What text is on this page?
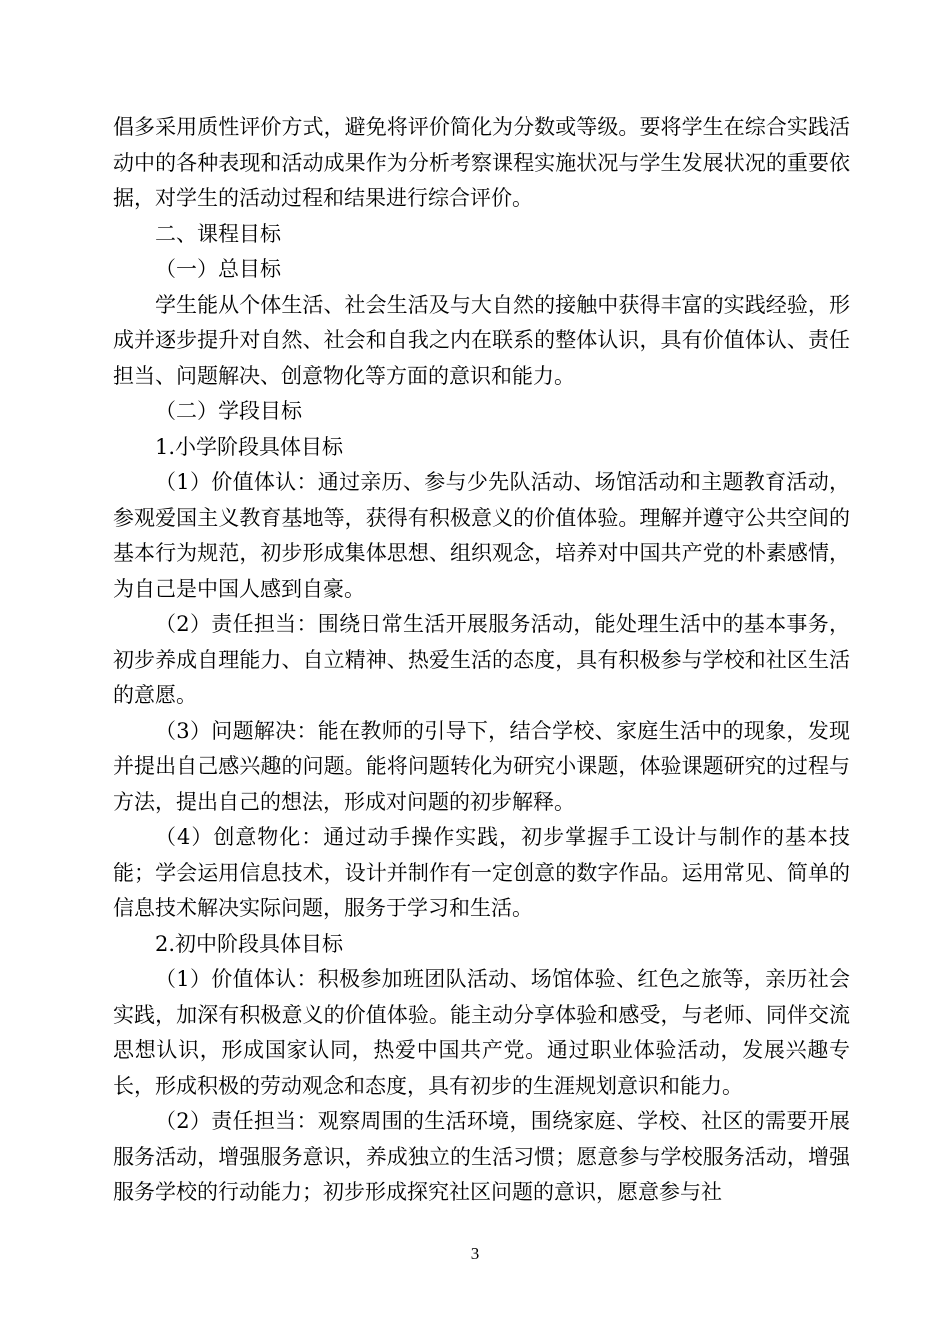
倡多采用质性评价方式，避免将评价简化为分数或等级。要将学生在综合实践活动中的各种表现和活动成果作为分析考察课程实施状况与学生发展状况的重要依据，对学生的活动过程和结果进行综合评价。

二、课程目标

（一）总目标

学生能从个体生活、社会生活及与大自然的接触中获得丰富的实践经验，形成并逐步提升对自然、社会和自我之内在联系的整体认识，具有价值体认、责任担当、问题解决、创意物化等方面的意识和能力。

（二）学段目标

1.小学阶段具体目标

（1）价值体认：通过亲历、参与少先队活动、场馆活动和主题教育活动，参观爱国主义教育基地等，获得有积极意义的价值体验。理解并遵守公共空间的基本行为规范，初步形成集体思想、组织观念，培养对中国共产党的朴素感情，为自己是中国人感到自豪。

（2）责任担当：围绕日常生活开展服务活动，能处理生活中的基本事务，初步养成自理能力、自立精神、热爱生活的态度，具有积极参与学校和社区生活的意愿。

（3）问题解决：能在教师的引导下，结合学校、家庭生活中的现象，发现并提出自己感兴趣的问题。能将问题转化为研究小课题，体验课题研究的过程与方法，提出自己的想法，形成对问题的初步解释。

（4）创意物化：通过动手操作实践，初步掌握手工设计与制作的基本技能；学会运用信息技术，设计并制作有一定创意的数字作品。运用常见、简单的信息技术解决实际问题，服务于学习和生活。

2.初中阶段具体目标

（1）价值体认：积极参加班团队活动、场馆体验、红色之旅等，亲历社会实践，加深有积极意义的价值体验。能主动分享体验和感受，与老师、同伴交流思想认识，形成国家认同，热爱中国共产党。通过职业体验活动，发展兴趣专长，形成积极的劳动观念和态度，具有初步的生涯规划意识和能力。

（2）责任担当：观察周围的生活环境，围绕家庭、学校、社区的需要开展服务活动，增强服务意识，养成独立的生活习惯；愿意参与学校服务活动，增强服务学校的行动能力；初步形成探究社区问题的意识，愿意参与社

3
